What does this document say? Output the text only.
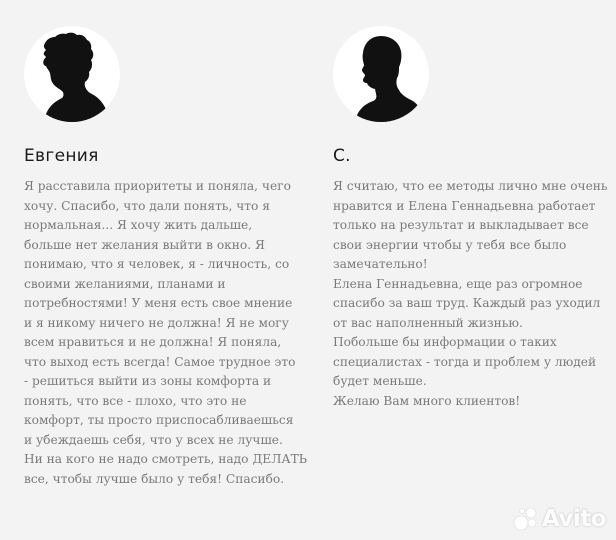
Евгения
Я расставила приоритеты и поняла, чего
хочу. Спасибо, что дали понять, что я
нормальная... Я хочу жить дальше,
больше нет желания выйти в окно. Я
понимаю, что я человек, я - личность, со
своими желаниями, планами и
потребностями! У меня есть свое мнение
и я никому ничего не должна! Я не могу
всем нравиться и не должна! Я поняла,
что выход есть всегда! Самое трудное это
- решиться выйти из зоны комфорта и
понять, что все - плохо, что это не
комфорт, ты просто приспосабливаешься
и убеждаешь себя, что у всех не лучше.
Ни на кого не надо смотреть, надо ДЕЛАТЬ
все, чтобы лучше было у тебя! Спасибо.
С.
Я считаю, что ее методы лично мне очень
нравится и Елена Геннадьевна работает
только на результат и выкладывает все
свои энергии чтобы у тебя все было
замечательно!
Елена Геннадьевна, еще раз огромное
спасибо за ваш труд. Каждый раз уходил
от вас наполненный жизнью.
Побольше бы информации о таких
специалистах - тогда и проблем у людей
будет меньше.
Желаю Вам много клиентов!
Avito
